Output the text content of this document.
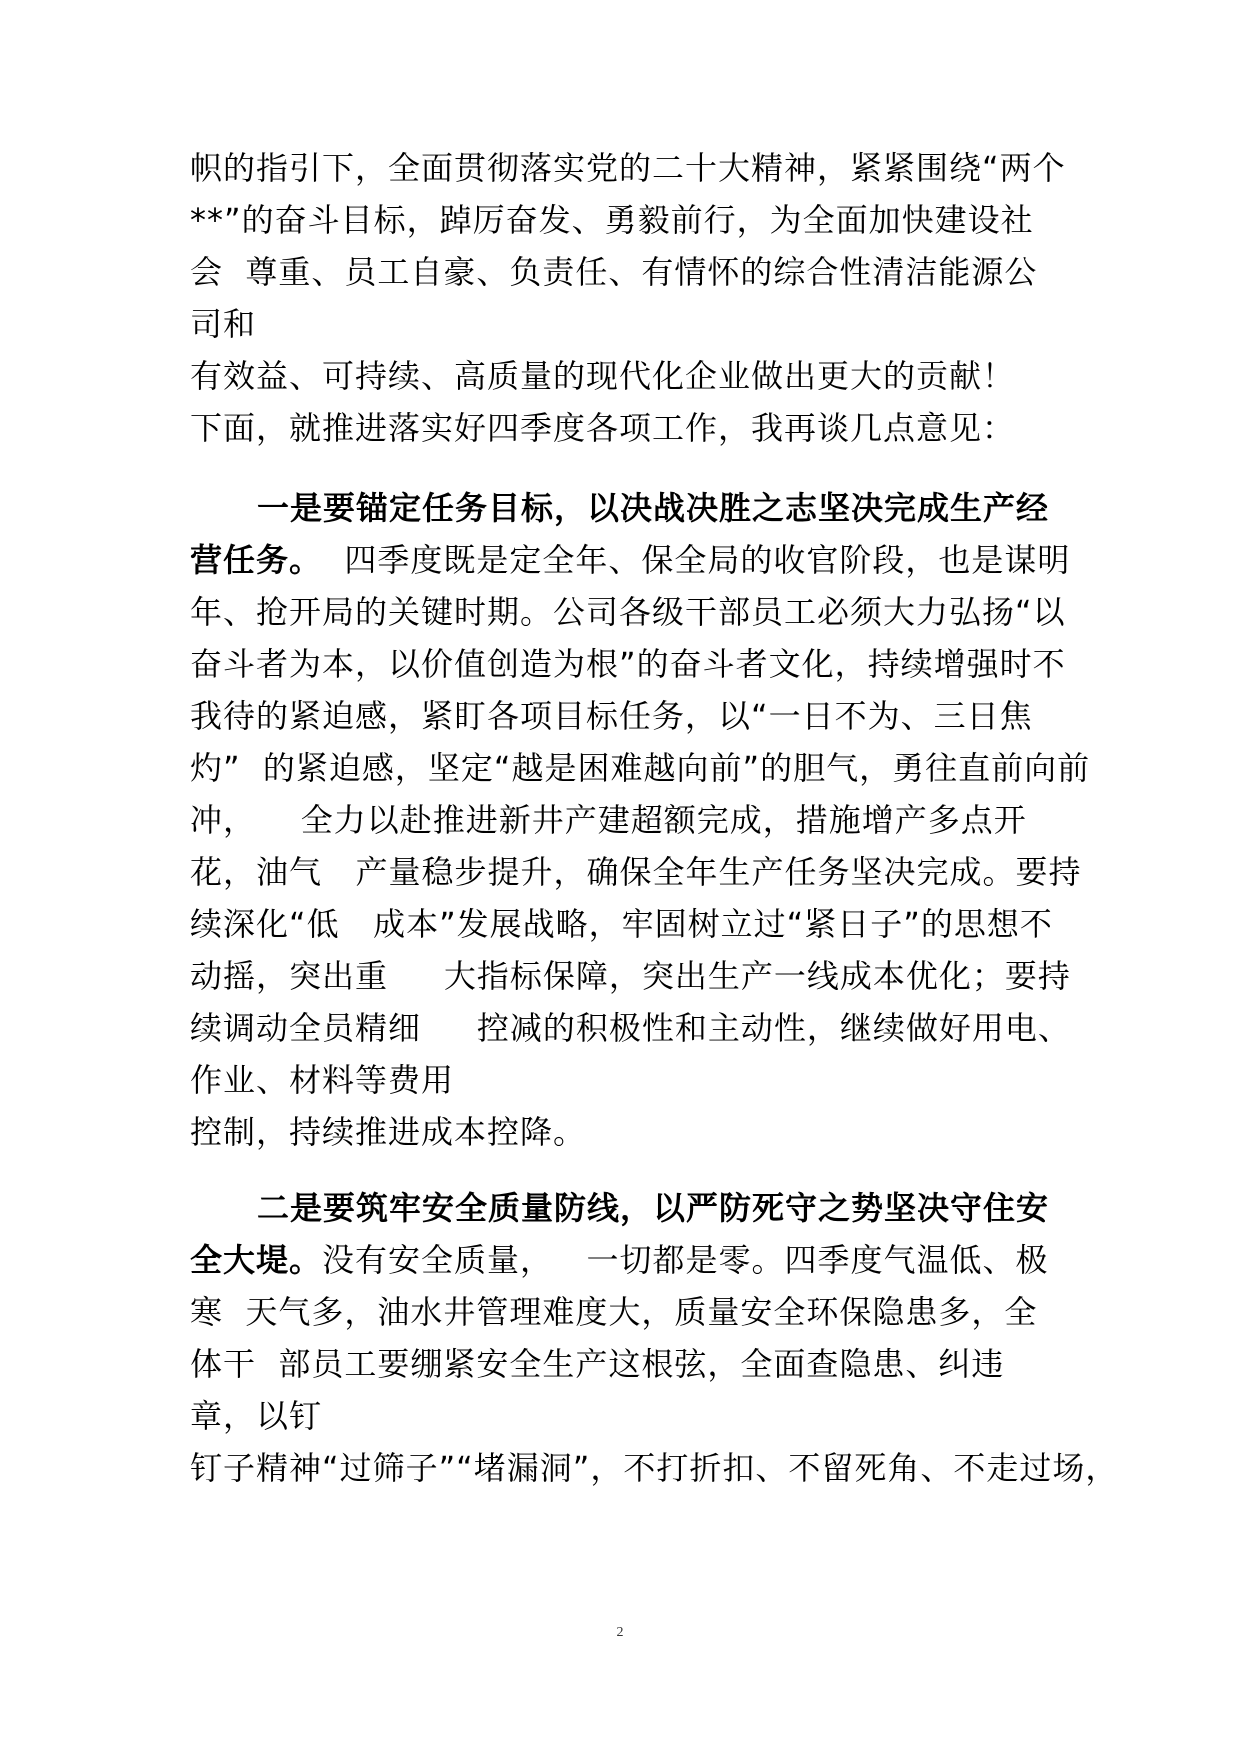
帜的指引下，全面贯彻落实党的二十大精神，紧紧围绕“两个
**”的奋斗目标，踔厉奋发、勇毅前行，为全面加快建设社
会  尊重、员工自豪、负责任、有情怀的综合性清洁能源公
司和
有效益、可持续、高质量的现代化企业做出更大的贡献！
下面，就推进落实好四季度各项工作，我再谈几点意见：
一是要锚定任务目标，以决战决胜之志坚决完成生产经
营任务。  四季度既是定全年、保全局的收官阶段，也是谋明
年、抢开局的关键时期。公司各级干部员工必须大力弘扬“以
奋斗者为本，以价值创造为根”的奋斗者文化，持续增强时不
我待的紧迫感，紧盯各项目标任务，以“一日不为、三日焦
灼”  的紧迫感，坚定“越是困难越向前”的胆气，勇往直前向前
冲，    全力以赴推进新井产建超额完成，措施增产多点开
花，油气   产量稳步提升，确保全年生产任务坚决完成。要持
续深化“低   成本”发展战略，牢固树立过“紧日子”的思想不
动摇，突出重     大指标保障，突出生产一线成本优化；要持
续调动全员精细     控减的积极性和主动性，继续做好用电、
作业、材料等费用
控制，持续推进成本控降。
二是要筑牢安全质量防线，以严防死守之势坚决守住安
全大堤。没有安全质量，   一切都是零。四季度气温低、极
寒  天气多，油水井管理难度大，质量安全环保隐患多，全
体干  部员工要绷紧安全生产这根弦，全面查隐患、纠违
章，以钉
钉子精神“过筛子”“堵漏洞”，不打折扣、不留死角、不走过场，
2
